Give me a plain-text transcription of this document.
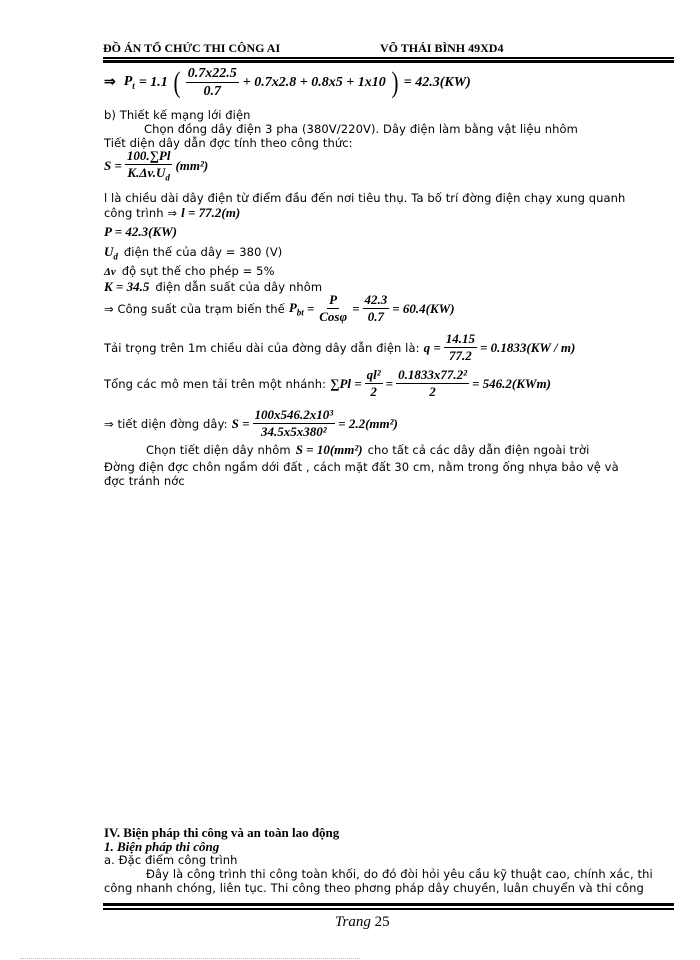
ĐỒ ÁN TỔ CHỨC THI CÔNG AI	VÕ THÁI BÌNH 49XD4
⇒ $P_t = 1.1$ ( $\frac{0.7x22.5}{0.7} + 0.7x2.8 + 0.8x5 + 1x10$ ) = 42.3(KW)
b) Thiết kế mạng lới điện
Chọn đồng dây điện 3 pha (380V/220V). Dây điện làm bằng vật liệu nhôm
Tiết diện dây dẫn đợc tính theo công thức:
$S = \frac{100.\sum Pl}{K.\Delta v.U_d} (mm^2)$
l là chiều dài dây điện từ điểm đầu đến nơi tiêu thụ. Ta bố trí đờng điện chạy xung quanh
công trình ⇒ l = 77.2(m)
P = 42.3(KW)
$U_d$ điện thế của dây = 380 (V)
Δv độ sụt thế cho phép = 5%
K = 34.5 điện dẫn suất của dây nhôm
⇒ Công suất của trạm biến thế $P_{bt} = \frac{P}{\text{Cosφ}} = \frac{42.3}{0.7} = 60.4(KW)$
Tải trọng trên 1m chiều dài của đờng dây dẫn điện là: $q = \frac{14.15}{77.2} = 0.1833(KW / m)$
Tổng các mô men tải trên một nhánh: $\sum Pl = \frac{\text{ql²}}{2} = \frac{\text{0.1833x77.2²}}{2} = 546.2(KWm)$
⇒ tiết diện đờng dây: $S = \frac{\text{100x546.2x10³}}{\text{34.5x5x380²}} = 2.2(mm^2)$
Chọn tiết diện dây nhôm S = 10(mm²) cho tất cả các dây dẫn điện ngoài trời
Đờng điện đợc chôn ngầm dới đất , cách mặt đất 30 cm, nằm trong ống nhựa bảo vệ và
đợc tránh nớc
IV. Biện pháp thi công và an toàn lao động
1. Biện pháp thi công
a. Đặc điểm công trình
Đây là công trình thi công toàn khối, do đó đòi hỏi yêu cầu kỹ thuật cao, chính xác, thi
công nhanh chóng, liên tục. Thi công theo phơng pháp dây chuyền, luân chuyển và thi công
Trang 25
